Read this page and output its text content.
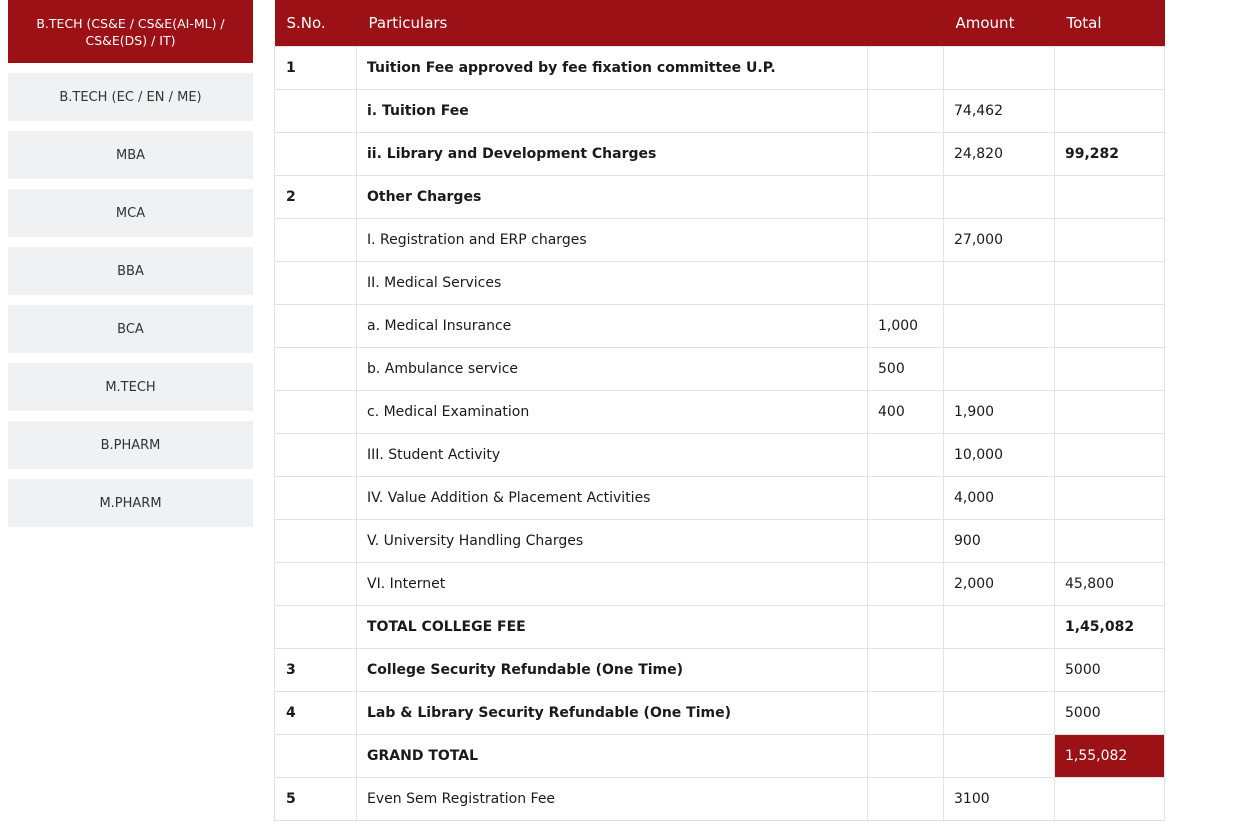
B.TECH (CS&E / CS&E(AI-ML) / CS&E(DS) / IT)
B.TECH (EC / EN / ME)
MBA
MCA
BBA
BCA
M.TECH
B.PHARM
M.PHARM
S.No.	Particulars		Amount	Total
1	Tuition Fee approved by fee fixation committee U.P.			
	i. Tuition Fee		74,462	
	ii. Library and Development Charges		24,820	99,282
2	Other Charges			
	I. Registration and ERP charges		27,000	
	II. Medical Services			
	a. Medical Insurance	1,000		
	b. Ambulance service	500		
	c. Medical Examination	400	1,900	
	III. Student Activity		10,000	
	IV. Value Addition & Placement Activities		4,000	
	V. University Handling Charges		900	
	VI. Internet		2,000	45,800
	TOTAL COLLEGE FEE			1,45,082
3	College Security Refundable (One Time)			5000
4	Lab & Library Security Refundable (One Time)			5000
	GRAND TOTAL			1,55,082
5	Even Sem Registration Fee		3100	
